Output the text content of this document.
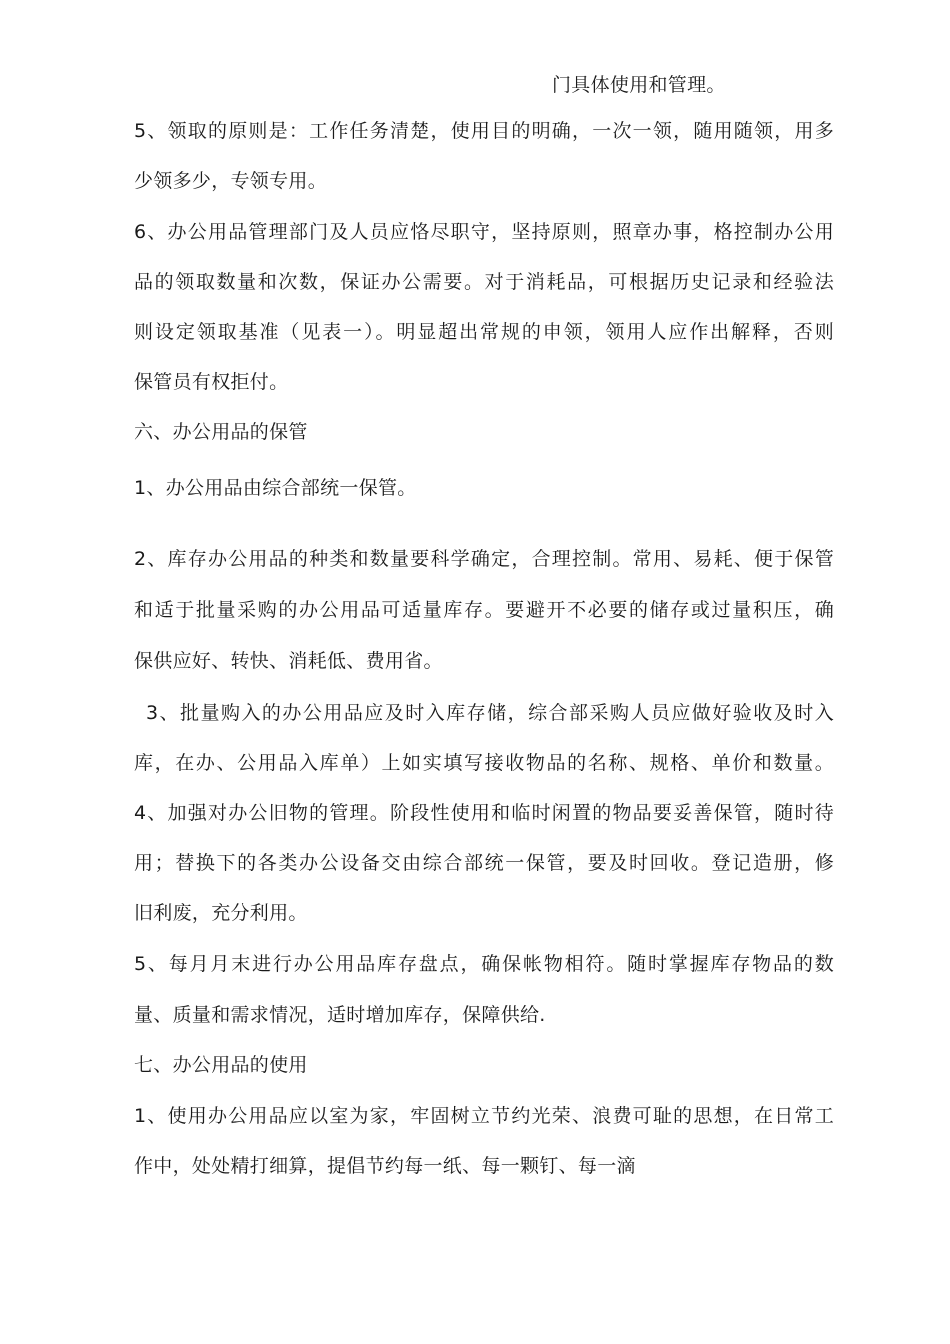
门具体使用和管理。
5、领取的原则是：工作任务清楚，使用目的明确，一次一领，随用随领，用多
少领多少，专领专用。
6、办公用品管理部门及人员应恪尽职守，坚持原则，照章办事，格控制办公用
品的领取数量和次数，保证办公需要。对于消耗品，可根据历史记录和经验法
则设定领取基准（见表一）。明显超出常规的申领，领用人应作出解释，否则
保管员有权拒付。
六、办公用品的保管
1、办公用品由综合部统一保管。
2、库存办公用品的种类和数量要科学确定，合理控制。常用、易耗、便于保管
和适于批量采购的办公用品可适量库存。要避开不必要的储存或过量积压，确
保供应好、转快、消耗低、费用省。
3、批量购入的办公用品应及时入库存储，综合部采购人员应做好验收及时入
库，在办、公用品入库单）上如实填写接收物品的名称、规格、单价和数量。
4、加强对办公旧物的管理。阶段性使用和临时闲置的物品要妥善保管，随时待
用；替换下的各类办公设备交由综合部统一保管，要及时回收。登记造册，修
旧利废，充分利用。
5、每月月末进行办公用品库存盘点，确保帐物相符。随时掌握库存物品的数
量、质量和需求情况，适时增加库存，保障供给.
七、办公用品的使用
1、使用办公用品应以室为家，牢固树立节约光荣、浪费可耻的思想，在日常工
作中，处处精打细算，提倡节约每一纸、每一颗钉、每一滴
